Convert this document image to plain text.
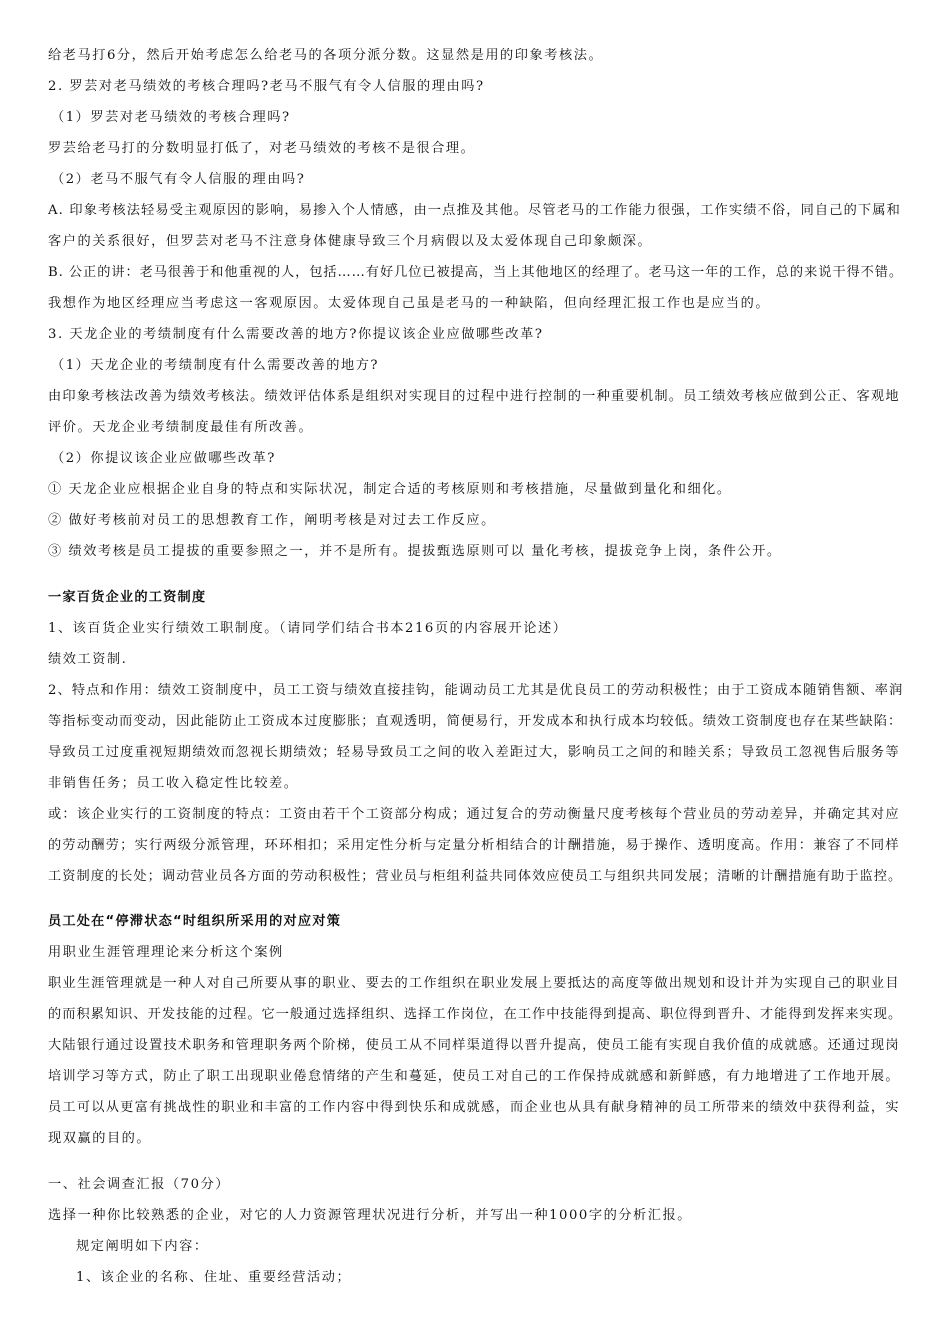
给老马打6分，然后开始考虑怎么给老马的各项分派分数。这显然是用的印象考核法。
2. 罗芸对老马绩效的考核合理吗?老马不服气有令人信服的理由吗?
（1）罗芸对老马绩效的考核合理吗?
罗芸给老马打的分数明显打低了，对老马绩效的考核不是很合理。
（2）老马不服气有令人信服的理由吗?
A. 印象考核法轻易受主观原因的影响，易掺入个人情感，由一点推及其他。尽管老马的工作能力很强，工作实绩不俗，同自己的下属和
客户的关系很好，但罗芸对老马不注意身体健康导致三个月病假以及太爱体现自己印象颇深。
B. 公正的讲：老马很善于和他重视的人，包括……有好几位已被提高，当上其他地区的经理了。老马这一年的工作，总的来说干得不错。
我想作为地区经理应当考虑这一客观原因。太爱体现自己虽是老马的一种缺陷，但向经理汇报工作也是应当的。
3. 天龙企业的考绩制度有什么需要改善的地方?你提议该企业应做哪些改革?
（1）天龙企业的考绩制度有什么需要改善的地方?
由印象考核法改善为绩效考核法。绩效评估体系是组织对实现目的过程中进行控制的一种重要机制。员工绩效考核应做到公正、客观地
评价。天龙企业考绩制度最佳有所改善。
（2）你提议该企业应做哪些改革?
① 天龙企业应根据企业自身的特点和实际状况，制定合适的考核原则和考核措施，尽量做到量化和细化。
② 做好考核前对员工的思想教育工作，阐明考核是对过去工作反应。
③ 绩效考核是员工提拔的重要参照之一，并不是所有。提拔甄选原则可以 量化考核，提拔竞争上岗，条件公开。
一家百货企业的工资制度
1、该百货企业实行绩效工职制度。（请同学们结合书本216页的内容展开论述）
绩效工资制.
2、特点和作用：绩效工资制度中，员工工资与绩效直接挂钩，能调动员工尤其是优良员工的劳动积极性；由于工资成本随销售额、率润
等指标变动而变动，因此能防止工资成本过度膨胀；直观透明，简便易行，开发成本和执行成本均较低。绩效工资制度也存在某些缺陷：
导致员工过度重视短期绩效而忽视长期绩效；轻易导致员工之间的收入差距过大，影响员工之间的和睦关系；导致员工忽视售后服务等
非销售任务；员工收入稳定性比较差。
或：该企业实行的工资制度的特点：工资由若干个工资部分构成；通过复合的劳动衡量尺度考核每个营业员的劳动差异，并确定其对应
的劳动酬劳；实行两级分派管理，环环相扣；采用定性分析与定量分析相结合的计酬措施，易于操作、透明度高。作用：兼容了不同样
工资制度的长处；调动营业员各方面的劳动积极性；营业员与柜组利益共同体效应使员工与组织共同发展；清晰的计酬措施有助于监控。
员工处在“停滞状态“时组织所采用的对应对策
用职业生涯管理理论来分析这个案例
职业生涯管理就是一种人对自己所要从事的职业、要去的工作组织在职业发展上要抵达的高度等做出规划和设计并为实现自己的职业目
的而积累知识、开发技能的过程。它一般通过选择组织、选择工作岗位，在工作中技能得到提高、职位得到晋升、才能得到发挥来实现。
大陆银行通过设置技术职务和管理职务两个阶梯，使员工从不同样渠道得以晋升提高，使员工能有实现自我价值的成就感。还通过现岗
培训学习等方式，防止了职工出现职业倦怠情绪的产生和蔓延，使员工对自己的工作保持成就感和新鲜感，有力地增进了工作地开展。
员工可以从更富有挑战性的职业和丰富的工作内容中得到快乐和成就感，而企业也从具有献身精神的员工所带来的绩效中获得利益，实
现双赢的目的。
一、社会调查汇报（70分）
选择一种你比较熟悉的企业，对它的人力资源管理状况进行分析，并写出一种1000字的分析汇报。
规定阐明如下内容：
1、该企业的名称、住址、重要经营活动；
